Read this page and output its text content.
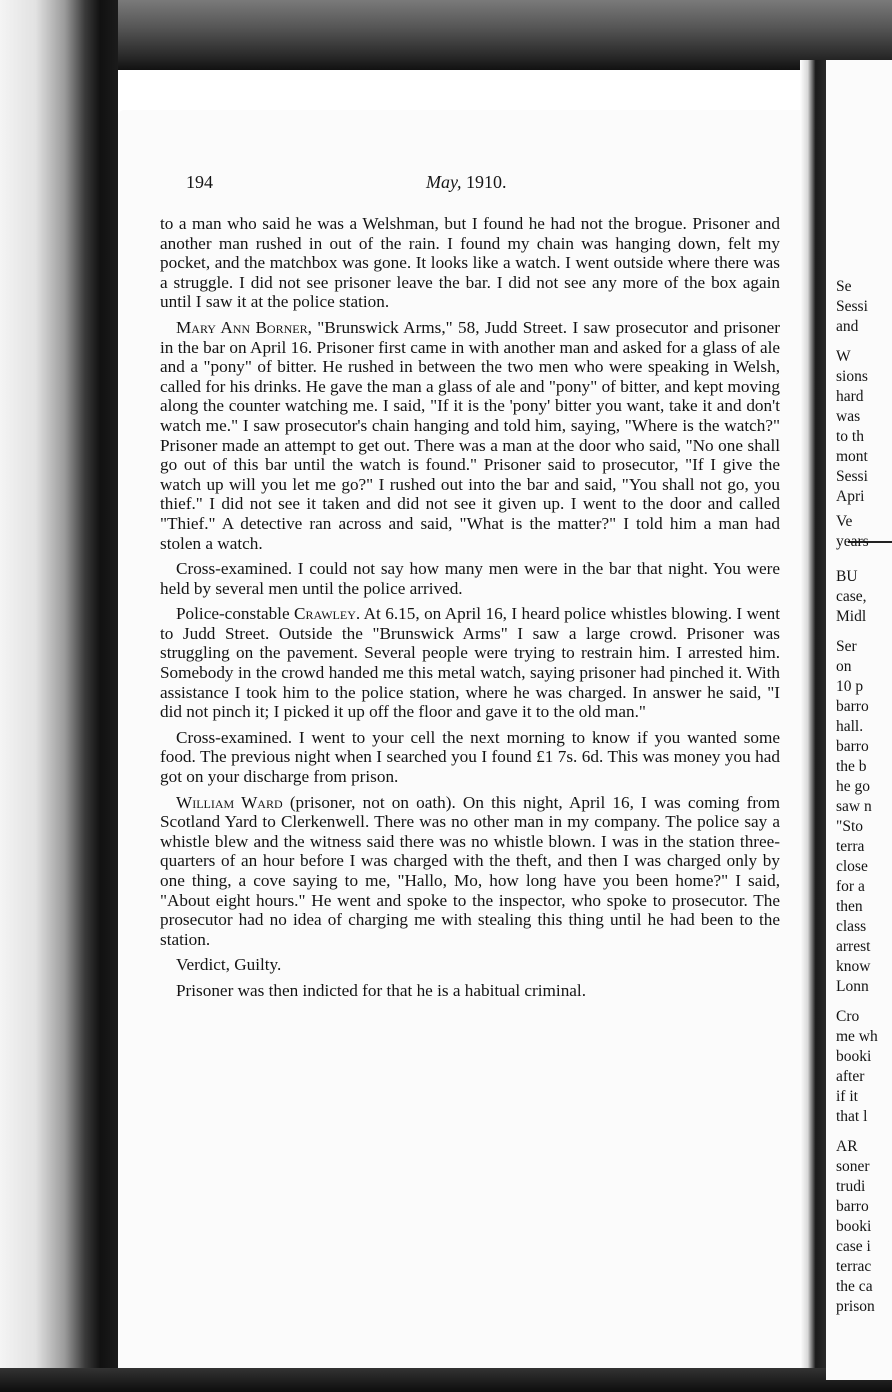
194	May, 1910.

to a man who said he was a Welshman, but I found he had not the brogue. Prisoner and another man rushed in out of the rain. I found my chain was hanging down, felt my pocket, and the matchbox was gone. It looks like a watch. I went outside where there was a struggle. I did not see prisoner leave the bar. I did not see any more of the box again until I saw it at the police station.

Mary Ann Borner, "Brunswick Arms," 58, Judd Street. I saw prosecutor and prisoner in the bar on April 16. Prisoner first came in with another man and asked for a glass of ale and a "pony" of bitter. He rushed in between the two men who were speaking in Welsh, called for his drinks. He gave the man a glass of ale and "pony" of bitter, and kept moving along the counter watching me. I said, "If it is the 'pony' bitter you want, take it and don't watch me." I saw prosecutor's chain hanging and told him, saying, "Where is the watch?" Prisoner made an attempt to get out. There was a man at the door who said, "No one shall go out of this bar until the watch is found." Prisoner said to prosecutor, "If I give the watch up will you let me go?" I rushed out into the bar and said, "You shall not go, you thief." I did not see it taken and did not see it given up. I went to the door and called "Thief." A detective ran across and said, "What is the matter?" I told him a man had stolen a watch.

Cross-examined. I could not say how many men were in the bar that night. You were held by several men until the police arrived.

Police-constable Crawley. At 6.15, on April 16, I heard police whistles blowing. I went to Judd Street. Outside the "Brunswick Arms" I saw a large crowd. Prisoner was struggling on the pavement. Several people were trying to restrain him. I arrested him. Somebody in the crowd handed me this metal watch, saying prisoner had pinched it. With assistance I took him to the police station, where he was charged. In answer he said, "I did not pinch it; I picked it up off the floor and gave it to the old man."

Cross-examined. I went to your cell the next morning to know if you wanted some food. The previous night when I searched you I found £1 7s. 6d. This was money you had got on your discharge from prison.

William Ward (prisoner, not on oath). On this night, April 16, I was coming from Scotland Yard to Clerkenwell. There was no other man in my company. The police say a whistle blew and the witness said there was no whistle blown. I was in the station three-quarters of an hour before I was charged with the theft, and then I was charged only by one thing, a cove saying to me, "Hallo, Mo, how long have you been home?" I said, "About eight hours." He went and spoke to the inspector, who spoke to prosecutor. The prosecutor had no idea of charging me with stealing this thing until he had been to the station.

Verdict, Guilty.

Prisoner was then indicted for that he is a habitual criminal.

Se
Sessi
and
W
sions
hard
was
to th
mont
Sessi
Apri
Ve
years
BU
case,
Midl
Ser
on
10 p
barro
hall.
barro
the b
he go
saw n
"Sto
terra
close
for a
then
class
arrest
know
Lonn
Cro
me wh
booki
after
if it
that l
AR
soner
trudi
barro
booki
case i
terrac
the ca
prison
